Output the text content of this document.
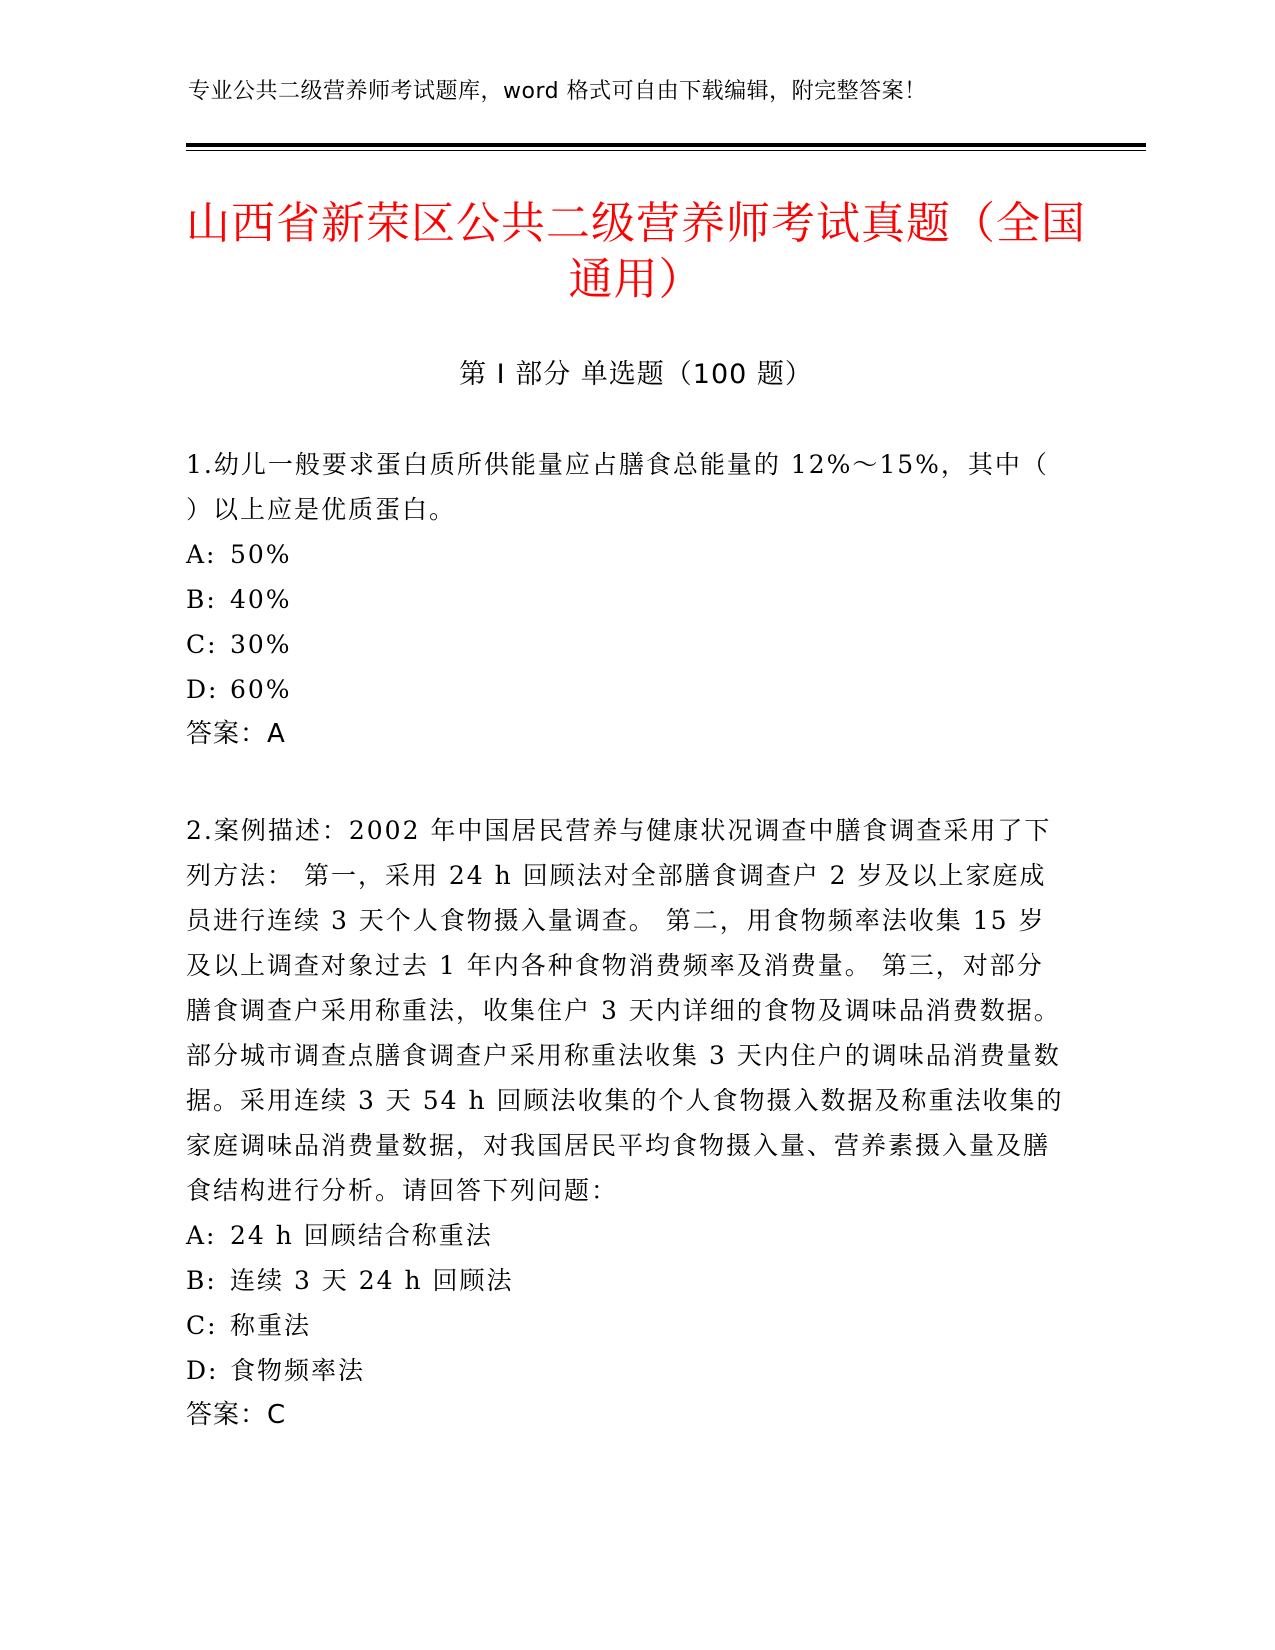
专业公共二级营养师考试题库，word 格式可自由下载编辑，附完整答案！
山西省新荣区公共二级营养师考试真题（全国通用）
第 I 部分 单选题（100 题）
1.幼儿一般要求蛋白质所供能量应占膳食总能量的 12%～15%，其中（ ）以上应是优质蛋白。
A: 50%
B: 40%
C: 30%
D: 60%
答案：A
2.案例描述：2002 年中国居民营养与健康状况调查中膳食调查采用了下列方法： 第一，采用 24 h 回顾法对全部膳食调查户 2 岁及以上家庭成员进行连续 3 天个人食物摄入量调查。 第二，用食物频率法收集 15 岁及以上调查对象过去 1 年内各种食物消费频率及消费量。 第三，对部分膳食调查户采用称重法，收集住户 3 天内详细的食物及调味品消费数据。 部分城市调查点膳食调查户采用称重法收集 3 天内住户的调味品消费量数据。采用连续 3 天 54 h 回顾法收集的个人食物摄入数据及称重法收集的家庭调味品消费量数据，对我国居民平均食物摄入量、营养素摄入量及膳食结构进行分析。请回答下列问题：
A: 24 h 回顾结合称重法
B: 连续 3 天 24 h 回顾法
C: 称重法
D: 食物频率法
答案：C
